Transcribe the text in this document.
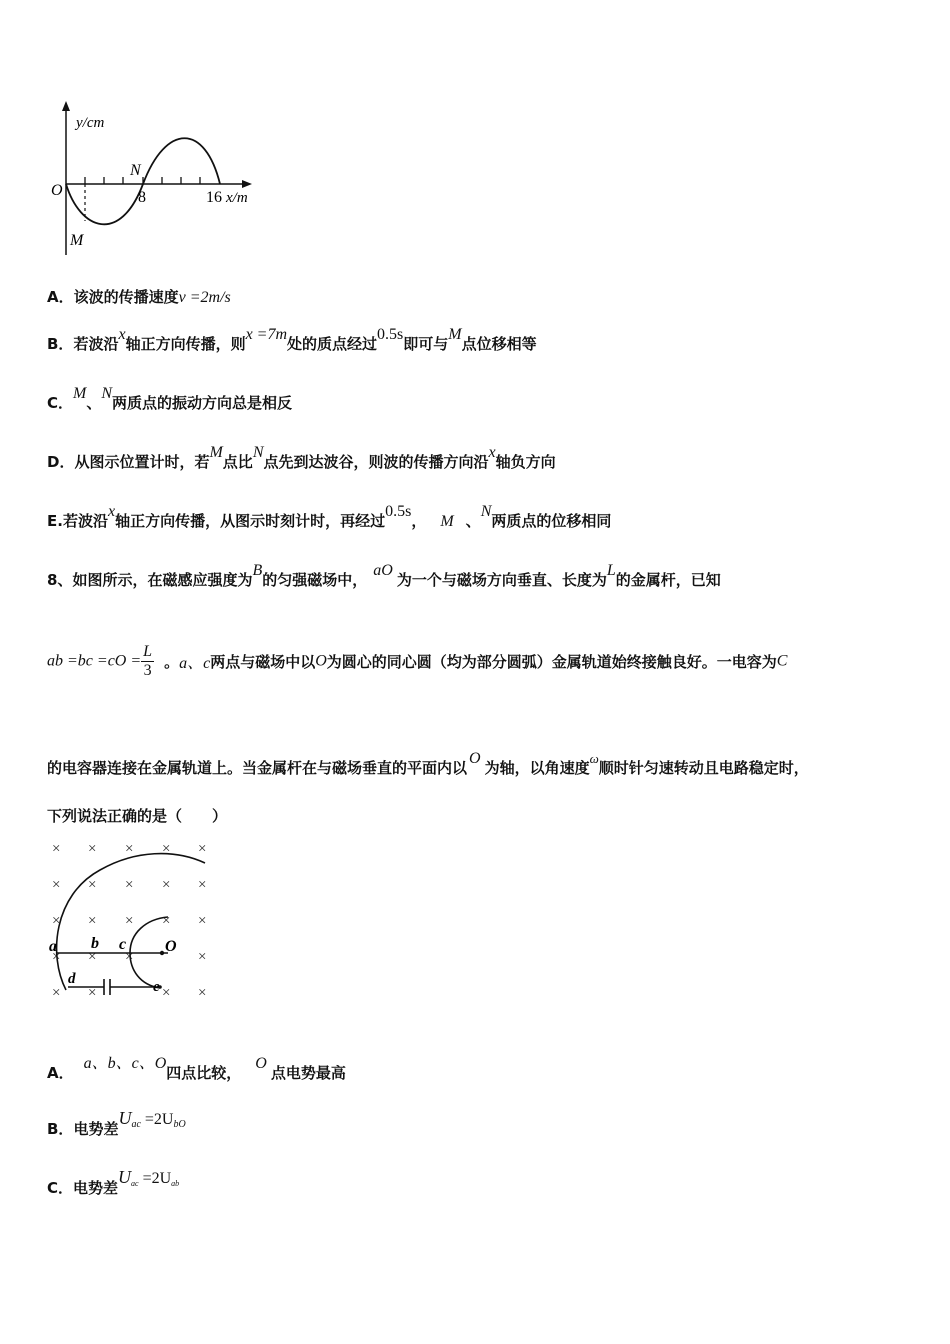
y/cm
O
N
8	16 x/m
M
A．该波的传播速度v =2m/s
B．若波沿x轴正方向传播，则x =7m处的质点经过0.5s即可与M点位移相等
C．M、N两质点的振动方向总是相反
D．从图示位置计时，若M点比N点先到达波谷，则波的传播方向沿x轴负方向
E.若波沿x轴正方向传播，从图示时刻计时，再经过0.5s， M 、N两质点的位移相同
8、如图所示，在磁感应强度为B的匀强磁场中，aO为一个与磁场方向垂直、长度为L的金属杆，已知
ab $=bc =cO = \frac{L}{3}$ 。a、c两点与磁场中以O为圆心的同心圆（均为部分圆弧）金属轨道始终接触良好。一电容为C
的电容器连接在金属轨道上。当金属杆在与磁场垂直的平面内以O为轴，以角速度ω顺时针匀速转动且电路稳定时，
下列说法正确的是（　　）
× × × × ×
× × × × ×
× × × × ×
× × ×	×
× ×	× ×
a b c O
d	e
A．a、b、c、O四点比较，O点电势最高
B．电势差$U_{ac} =2U_{bO}$
C．电势差$U_{ac} =2U_{ab}$
